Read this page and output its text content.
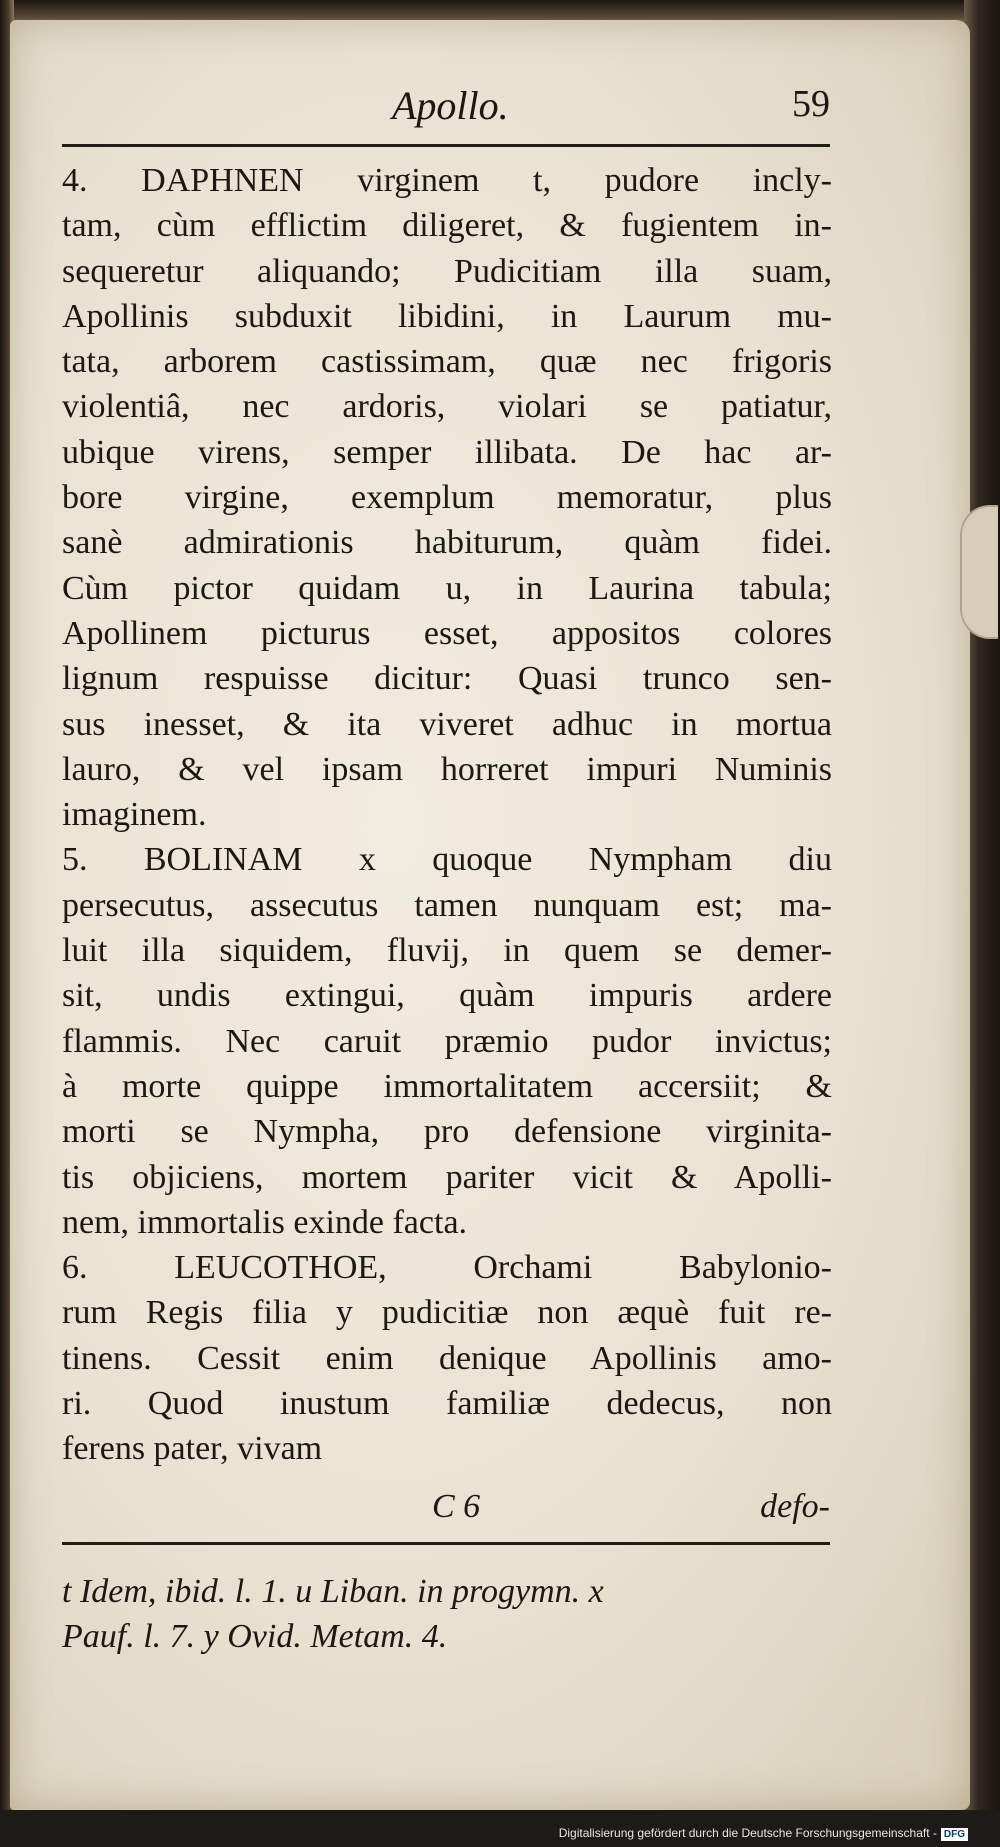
Apollo.	59
4. DAPHNEN virginem t, pudore incly-
tam, cùm efflictim diligeret, & fugientem in-
sequeretur aliquando; Pudicitiam illa suam,
Apollinis subduxit libidini, in Laurum mu-
tata, arborem castissimam, quæ nec frigoris
violentiâ, nec ardoris, violari se patiatur,
ubique virens, semper illibata. De hac ar-
bore virgine, exemplum memoratur, plus
sanè admirationis habiturum, quàm fidei.
Cùm pictor quidam u, in Laurina tabula;
Apollinem picturus esset, appositos colores
lignum respuisse dicitur: Quasi trunco sen-
sus inesset, & ita viveret adhuc in mortua
lauro, & vel ipsam horreret impuri Numinis
imaginem.
5. BOLINAM x quoque Nympham diu
persecutus, assecutus tamen nunquam est; ma-
luit illa siquidem, fluvij, in quem se demer-
sit, undis extingui, quàm impuris ardere
flammis. Nec caruit præmio pudor invictus;
à morte quippe immortalitatem accersiit; &
morti se Nympha, pro defensione virginita-
tis objiciens, mortem pariter vicit & Apolli-
nem, immortalis exinde facta.
6. LEUCOTHOE, Orchami Babylonio-
rum Regis filia y pudicitiæ non æquè fuit re-
tinens. Cessit enim denique Apollinis amo-
ri. Quod inustum familiæ dedecus, non
ferens pater, vivam
C 6	defo-
t Idem, ibid. l. 1. u Liban. in progymn. x
Pauf. l. 7. y Ovid. Metam. 4.
Digitalisierung gefördert durch die Deutsche Forschungsgemeinschaft - DFG
